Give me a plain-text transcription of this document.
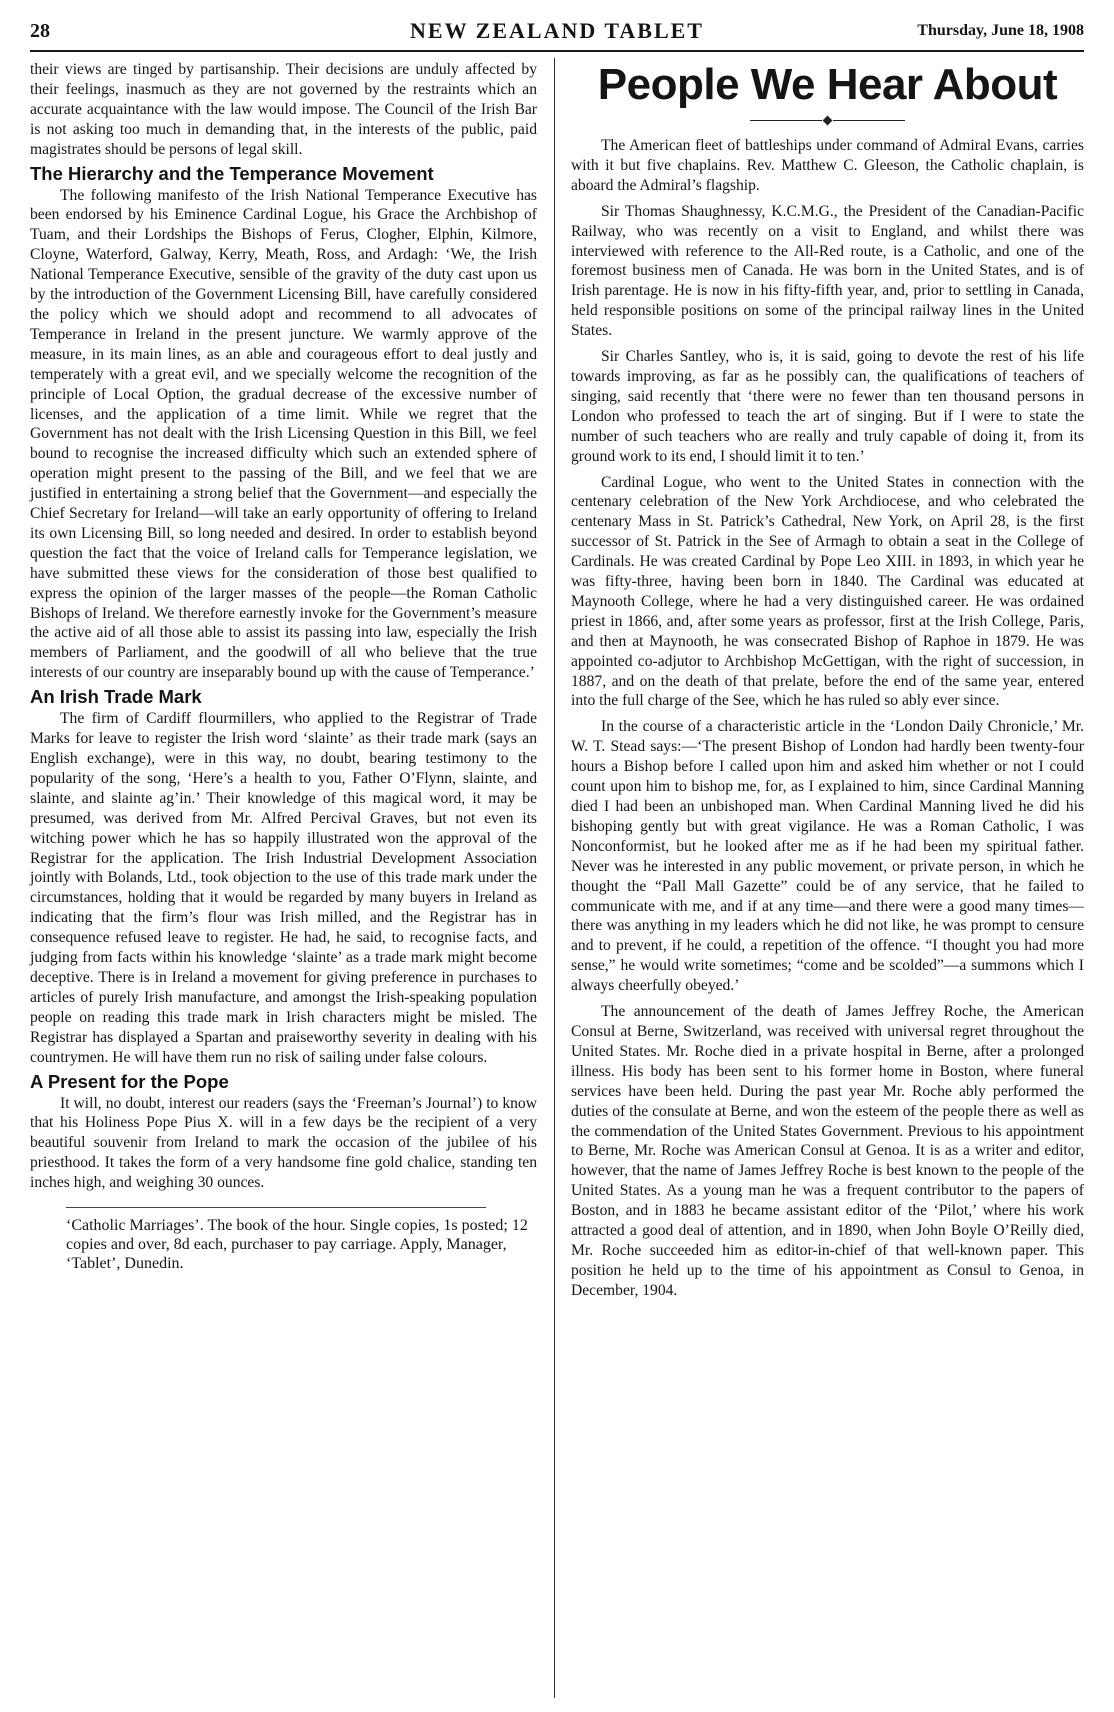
28	NEW ZEALAND TABLET	Thursday, June 18, 1908

their views are tinged by partisanship. Their decisions are unduly affected by their feelings, inasmuch as they are not governed by the restraints which an accurate acquaintance with the law would impose. The Council of the Irish Bar is not asking too much in demanding that, in the interests of the public, paid magistrates should be persons of legal skill.

The Hierarchy and the Temperance Movement

The following manifesto of the Irish National Temperance Executive has been endorsed by his Eminence Cardinal Logue, his Grace the Archbishop of Tuam, and their Lordships the Bishops of Ferus, Clogher, Elphin, Kilmore, Cloyne, Waterford, Galway, Kerry, Meath, Ross, and Ardagh: ‘We, the Irish National Temperance Executive, sensible of the gravity of the duty cast upon us by the introduction of the Government Licensing Bill, have carefully considered the policy which we should adopt and recommend to all advocates of Temperance in Ireland in the present juncture. We warmly approve of the measure, in its main lines, as an able and courageous effort to deal justly and temperately with a great evil, and we specially welcome the recognition of the principle of Local Option, the gradual decrease of the excessive number of licenses, and the application of a time limit. While we regret that the Government has not dealt with the Irish Licensing Question in this Bill, we feel bound to recognise the increased difficulty which such an extended sphere of operation might present to the passing of the Bill, and we feel that we are justified in entertaining a strong belief that the Government—and especially the Chief Secretary for Ireland—will take an early opportunity of offering to Ireland its own Licensing Bill, so long needed and desired. In order to establish beyond question the fact that the voice of Ireland calls for Temperance legislation, we have submitted these views for the consideration of those best qualified to express the opinion of the larger masses of the people—the Roman Catholic Bishops of Ireland. We therefore earnestly invoke for the Government’s measure the active aid of all those able to assist its passing into law, especially the Irish members of Parliament, and the goodwill of all who believe that the true interests of our country are inseparably bound up with the cause of Temperance.’

An Irish Trade Mark

The firm of Cardiff flourmillers, who applied to the Registrar of Trade Marks for leave to register the Irish word ‘slainte’ as their trade mark (says an English exchange), were in this way, no doubt, bearing testimony to the popularity of the song, ‘Here’s a health to you, Father O’Flynn, slainte, and slainte, and slainte ag’in.’ Their knowledge of this magical word, it may be presumed, was derived from Mr. Alfred Percival Graves, but not even its witching power which he has so happily illustrated won the approval of the Registrar for the application. The Irish Industrial Development Association jointly with Bolands, Ltd., took objection to the use of this trade mark under the circumstances, holding that it would be regarded by many buyers in Ireland as indicating that the firm’s flour was Irish milled, and the Registrar has in consequence refused leave to register. He had, he said, to recognise facts, and judging from facts within his knowledge ‘slainte’ as a trade mark might become deceptive. There is in Ireland a movement for giving preference in purchases to articles of purely Irish manufacture, and amongst the Irish-speaking population people on reading this trade mark in Irish characters might be misled. The Registrar has displayed a Spartan and praiseworthy severity in dealing with his countrymen. He will have them run no risk of sailing under false colours.

A Present for the Pope

It will, no doubt, interest our readers (says the ‘Freeman’s Journal’) to know that his Holiness Pope Pius X. will in a few days be the recipient of a very beautiful souvenir from Ireland to mark the occasion of the jubilee of his priesthood. It takes the form of a very handsome fine gold chalice, standing ten inches high, and weighing 30 ounces.

‘Catholic Marriages’. The book of the hour. Single copies, 1s posted; 12 copies and over, 8d each, purchaser to pay carriage. Apply, Manager, ‘Tablet’, Dunedin.
People We Hear About

The American fleet of battleships under command of Admiral Evans, carries with it but five chaplains. Rev. Matthew C. Gleeson, the Catholic chaplain, is aboard the Admiral’s flagship.

Sir Thomas Shaughnessy, K.C.M.G., the President of the Canadian-Pacific Railway, who was recently on a visit to England, and whilst there was interviewed with reference to the All-Red route, is a Catholic, and one of the foremost business men of Canada. He was born in the United States, and is of Irish parentage. He is now in his fifty-fifth year, and, prior to settling in Canada, held responsible positions on some of the principal railway lines in the United States.

Sir Charles Santley, who is, it is said, going to devote the rest of his life towards improving, as far as he possibly can, the qualifications of teachers of singing, said recently that ‘there were no fewer than ten thousand persons in London who professed to teach the art of singing. But if I were to state the number of such teachers who are really and truly capable of doing it, from its ground work to its end, I should limit it to ten.’

Cardinal Logue, who went to the United States in connection with the centenary celebration of the New York Archdiocese, and who celebrated the centenary Mass in St. Patrick’s Cathedral, New York, on April 28, is the first successor of St. Patrick in the See of Armagh to obtain a seat in the College of Cardinals. He was created Cardinal by Pope Leo XIII. in 1893, in which year he was fifty-three, having been born in 1840. The Cardinal was educated at Maynooth College, where he had a very distinguished career. He was ordained priest in 1866, and, after some years as professor, first at the Irish College, Paris, and then at Maynooth, he was consecrated Bishop of Raphoe in 1879. He was appointed co-adjutor to Archbishop McGettigan, with the right of succession, in 1887, and on the death of that prelate, before the end of the same year, entered into the full charge of the See, which he has ruled so ably ever since.

In the course of a characteristic article in the ‘London Daily Chronicle,’ Mr. W. T. Stead says:—‘The present Bishop of London had hardly been twenty-four hours a Bishop before I called upon him and asked him whether or not I could count upon him to bishop me, for, as I explained to him, since Cardinal Manning died I had been an unbishoped man. When Cardinal Manning lived he did his bishoping gently but with great vigilance. He was a Roman Catholic, I was Nonconformist, but he looked after me as if he had been my spiritual father. Never was he interested in any public movement, or private person, in which he thought the “Pall Mall Gazette” could be of any service, that he failed to communicate with me, and if at any time—and there were a good many times—there was anything in my leaders which he did not like, he was prompt to censure and to prevent, if he could, a repetition of the offence. “I thought you had more sense,” he would write sometimes; “come and be scolded”—a summons which I always cheerfully obeyed.’

The announcement of the death of James Jeffrey Roche, the American Consul at Berne, Switzerland, was received with universal regret throughout the United States. Mr. Roche died in a private hospital in Berne, after a prolonged illness. His body has been sent to his former home in Boston, where funeral services have been held. During the past year Mr. Roche ably performed the duties of the consulate at Berne, and won the esteem of the people there as well as the commendation of the United States Government. Previous to his appointment to Berne, Mr. Roche was American Consul at Genoa. It is as a writer and editor, however, that the name of James Jeffrey Roche is best known to the people of the United States. As a young man he was a frequent contributor to the papers of Boston, and in 1883 he became assistant editor of the ‘Pilot,’ where his work attracted a good deal of attention, and in 1890, when John Boyle O’Reilly died, Mr. Roche succeeded him as editor-in-chief of that well-known paper. This position he held up to the time of his appointment as Consul to Genoa, in December, 1904.
